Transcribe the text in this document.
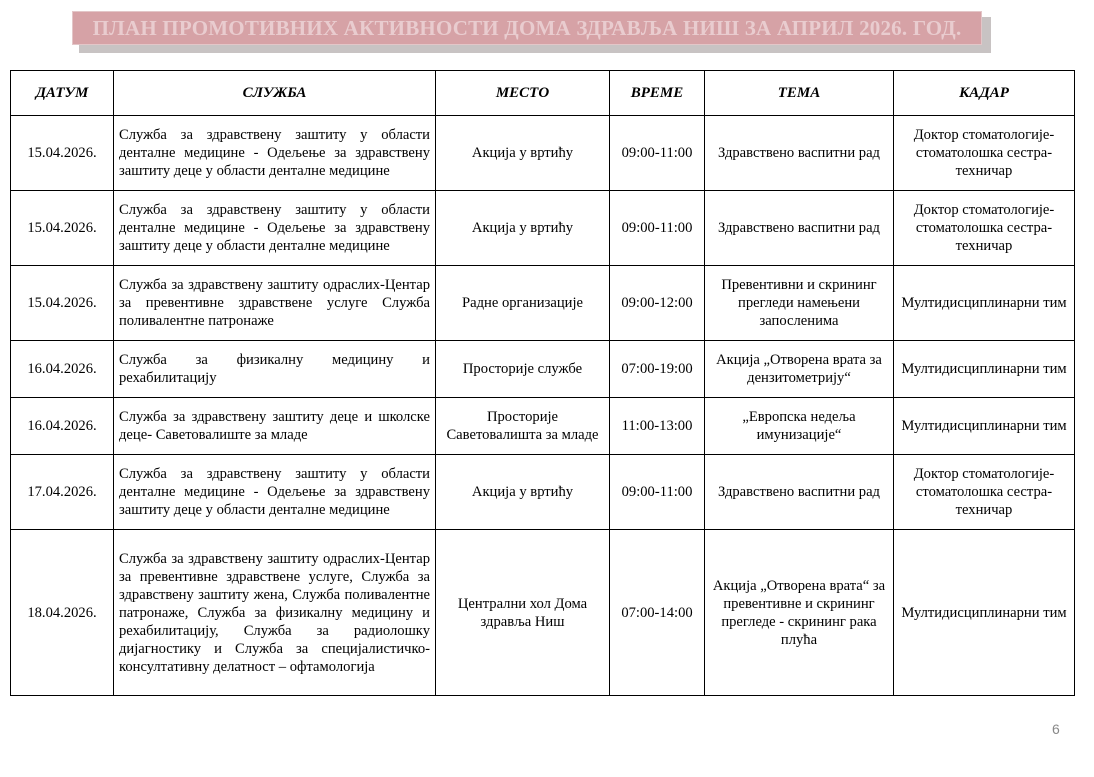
ПЛАН ПРОМОТИВНИХ АКТИВНОСТИ ДОМА ЗДРАВЉА НИШ ЗА АПРИЛ 2026. ГОД.
ДАТУМ	СЛУЖБА	МЕСТО	ВРЕМЕ	ТЕМА	КАДАР
15.04.2026.	Служба за здравствену заштиту у области денталне медицине - Одељење за здравствену заштиту деце у области денталне медицине	Акција у вртићу	09:00-11:00	Здравствено васпитни рад	Доктор стоматологије-стоматолошка сестра-техничар
15.04.2026.	Служба за здравствену заштиту у области денталне медицине - Одељење за здравствену заштиту деце у области денталне медицине	Акција у вртићу	09:00-11:00	Здравствено васпитни рад	Доктор стоматологије-стоматолошка сестра-техничар
15.04.2026.	Служба за здравствену заштиту одраслих-Центар за превентивне здравствене услуге Служба поливалентне патронаже	Радне организације	09:00-12:00	Превентивни и скрининг прегледи намењени запосленима	Мултидисциплинарни тим
16.04.2026.	Служба за физикалну медицину и рехабилитацију	Просторије службе	07:00-19:00	Акција „Отворена врата за дензитометрију“	Мултидисциплинарни тим
16.04.2026.	Служба за здравствену заштиту деце и школске деце- Саветовалиште за младе	Просторије Саветовалишта за младе	11:00-13:00	„Европска недеља имунизације“	Мултидисциплинарни тим
17.04.2026.	Служба за здравствену заштиту у области денталне медицине - Одељење за здравствену заштиту деце у области денталне медицине	Акција у вртићу	09:00-11:00	Здравствено васпитни рад	Доктор стоматологије-стоматолошка сестра-техничар
18.04.2026.	Служба за здравствену заштиту одраслих-Центар за превентивне здравствене услуге, Служба за здравствену заштиту жена, Служба поливалентне патронаже, Служба за физикалну медицину и рехабилитацију, Служба за радиолошку дијагностику и Служба за специјалистичко-консултативну делатност – офтамологија	Централни хол Дома здравља Ниш	07:00-14:00	Акција „Отворена врата“ за превентивне и скрининг прегледе - скрининг рака плућа	Мултидисциплинарни тим
6
